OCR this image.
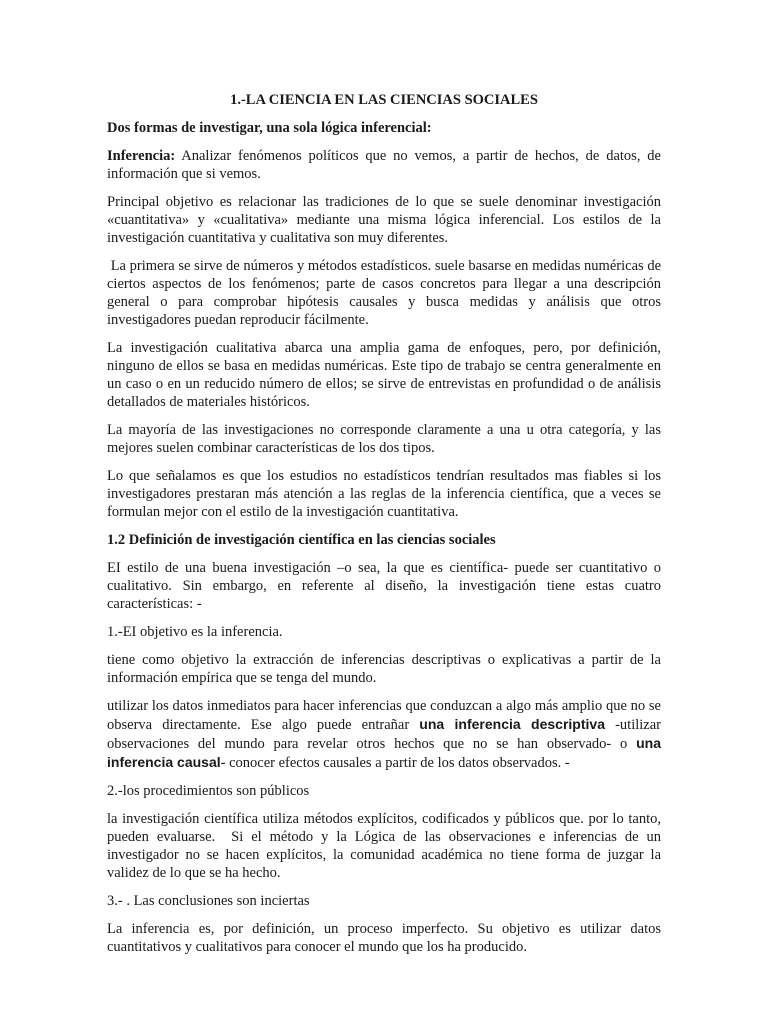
1.-LA CIENCIA EN LAS CIENCIAS SOCIALES
Dos formas de investigar, una sola lógica inferencial:

Inferencia: Analizar fenómenos políticos que no vemos, a partir de hechos, de datos, de información que si vemos.

Principal objetivo es relacionar las tradiciones de lo que se suele denominar investigación «cuantitativa» y «cualitativa» mediante una misma lógica inferencial. Los estilos de la investigación cuantitativa y cualitativa son muy diferentes.

La primera se sirve de números y métodos estadísticos. suele basarse en medidas numéricas de ciertos aspectos de los fenómenos; parte de casos concretos para llegar a una descripción general o para comprobar hipótesis causales y busca medidas y análisis que otros investigadores puedan reproducir fácilmente.

La investigación cualitativa abarca una amplia gama de enfoques, pero, por definición, ninguno de ellos se basa en medidas numéricas. Este tipo de trabajo se centra generalmente en un caso o en un reducido número de ellos; se sirve de entrevistas en profundidad o de análisis detallados de materiales históricos.

La mayoría de las investigaciones no corresponde claramente a una u otra categoría, y las mejores suelen combinar características de los dos tipos.

Lo que señalamos es que los estudios no estadísticos tendrían resultados mas fiables si los investigadores prestaran más atención a las reglas de la inferencia científica, que a veces se formulan mejor con el estilo de la investigación cuantitativa.

1.2 Definición de investigación científica en las ciencias sociales

EI estilo de una buena investigación –o sea, la que es científica- puede ser cuantitativo o cualitativo. Sin embargo, en referente al diseño, la investigación tiene estas cuatro características: -

1.-EI objetivo es la inferencia.

tiene como objetivo la extracción de inferencias descriptivas o explicativas a partir de la información empírica que se tenga del mundo.

utilizar los datos inmediatos para hacer inferencias que conduzcan a algo más amplio que no se observa directamente. Ese algo puede entrañar una inferencia descriptiva -utilizar observaciones del mundo para revelar otros hechos que no se han observado- o una inferencia causal- conocer efectos causales a partir de los datos observados. -

2.-los procedimientos son públicos

la investigación científica utiliza métodos explícitos, codificados y públicos que. por lo tanto, pueden evaluarse.  Si el método y la Lógica de las observaciones e inferencias de un investigador no se hacen explícitos, la comunidad académica no tiene forma de juzgar la validez de lo que se ha hecho.

3.- . Las conclusiones son inciertas

La inferencia es, por definición, un proceso imperfecto. Su objetivo es utilizar datos cuantitativos y cualitativos para conocer el mundo que los ha producido.
